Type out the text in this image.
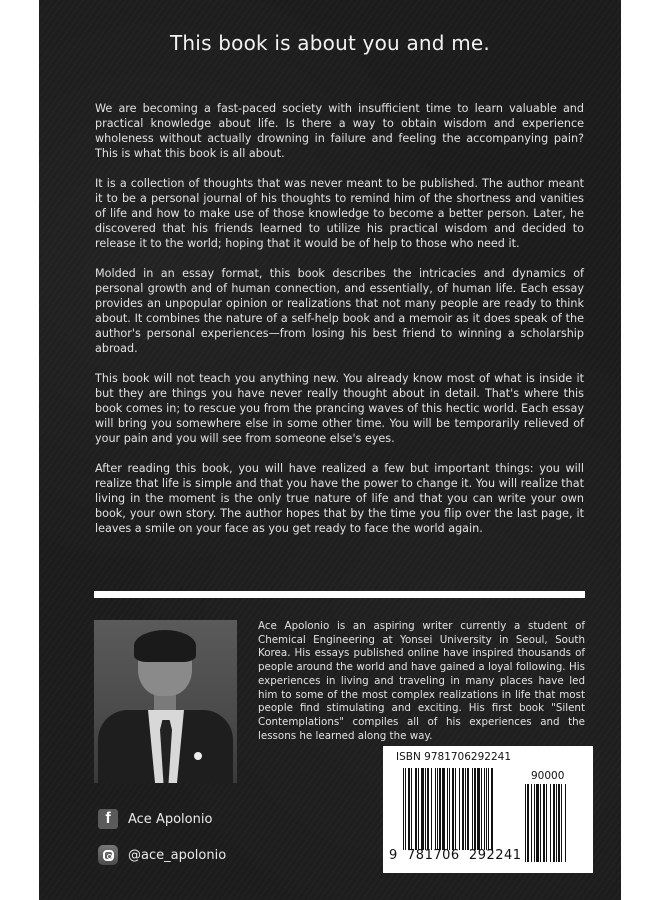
This book is about you and me.

We are becoming a fast-paced society with insufficient time to learn valuable and practical knowledge about life. Is there a way to obtain wisdom and experience wholeness without actually drowning in failure and feeling the accompanying pain? This is what this book is all about.

It is a collection of thoughts that was never meant to be published. The author meant it to be a personal journal of his thoughts to remind him of the shortness and vanities of life and how to make use of those knowledge to become a better person. Later, he discovered that his friends learned to utilize his practical wisdom and decided to release it to the world; hoping that it would be of help to those who need it.

Molded in an essay format, this book describes the intricacies and dynamics of personal growth and of human connection, and essentially, of human life. Each essay provides an unpopular opinion or realizations that not many people are ready to think about. It combines the nature of a self-help book and a memoir as it does speak of the author's personal experiences—from losing his best friend to winning a scholarship abroad.

This book will not teach you anything new. You already know most of what is inside it but they are things you have never really thought about in detail. That's where this book comes in; to rescue you from the prancing waves of this hectic world. Each essay will bring you somewhere else in some other time. You will be temporarily relieved of your pain and you will see from someone else's eyes.

After reading this book, you will have realized a few but important things: you will realize that life is simple and that you have the power to change it. You will realize that living in the moment is the only true nature of life and that you can write your own book, your own story. The author hopes that by the time you flip over the last page, it leaves a smile on your face as you get ready to face the world again.

Ace Apolonio is an aspiring writer currently a student of Chemical Engineering at Yonsei University in Seoul, South Korea. His essays published online have inspired thousands of people around the world and have gained a loyal following. His experiences in living and traveling in many places have led him to some of the most complex realizations in life that most people find stimulating and exciting. His first book "Silent Contemplations" compiles all of his experiences and the lessons he learned along the way.
f	Ace Apolonio
@ace_apolonio
ISBN 9781706292241
90000
9  781706  292241
